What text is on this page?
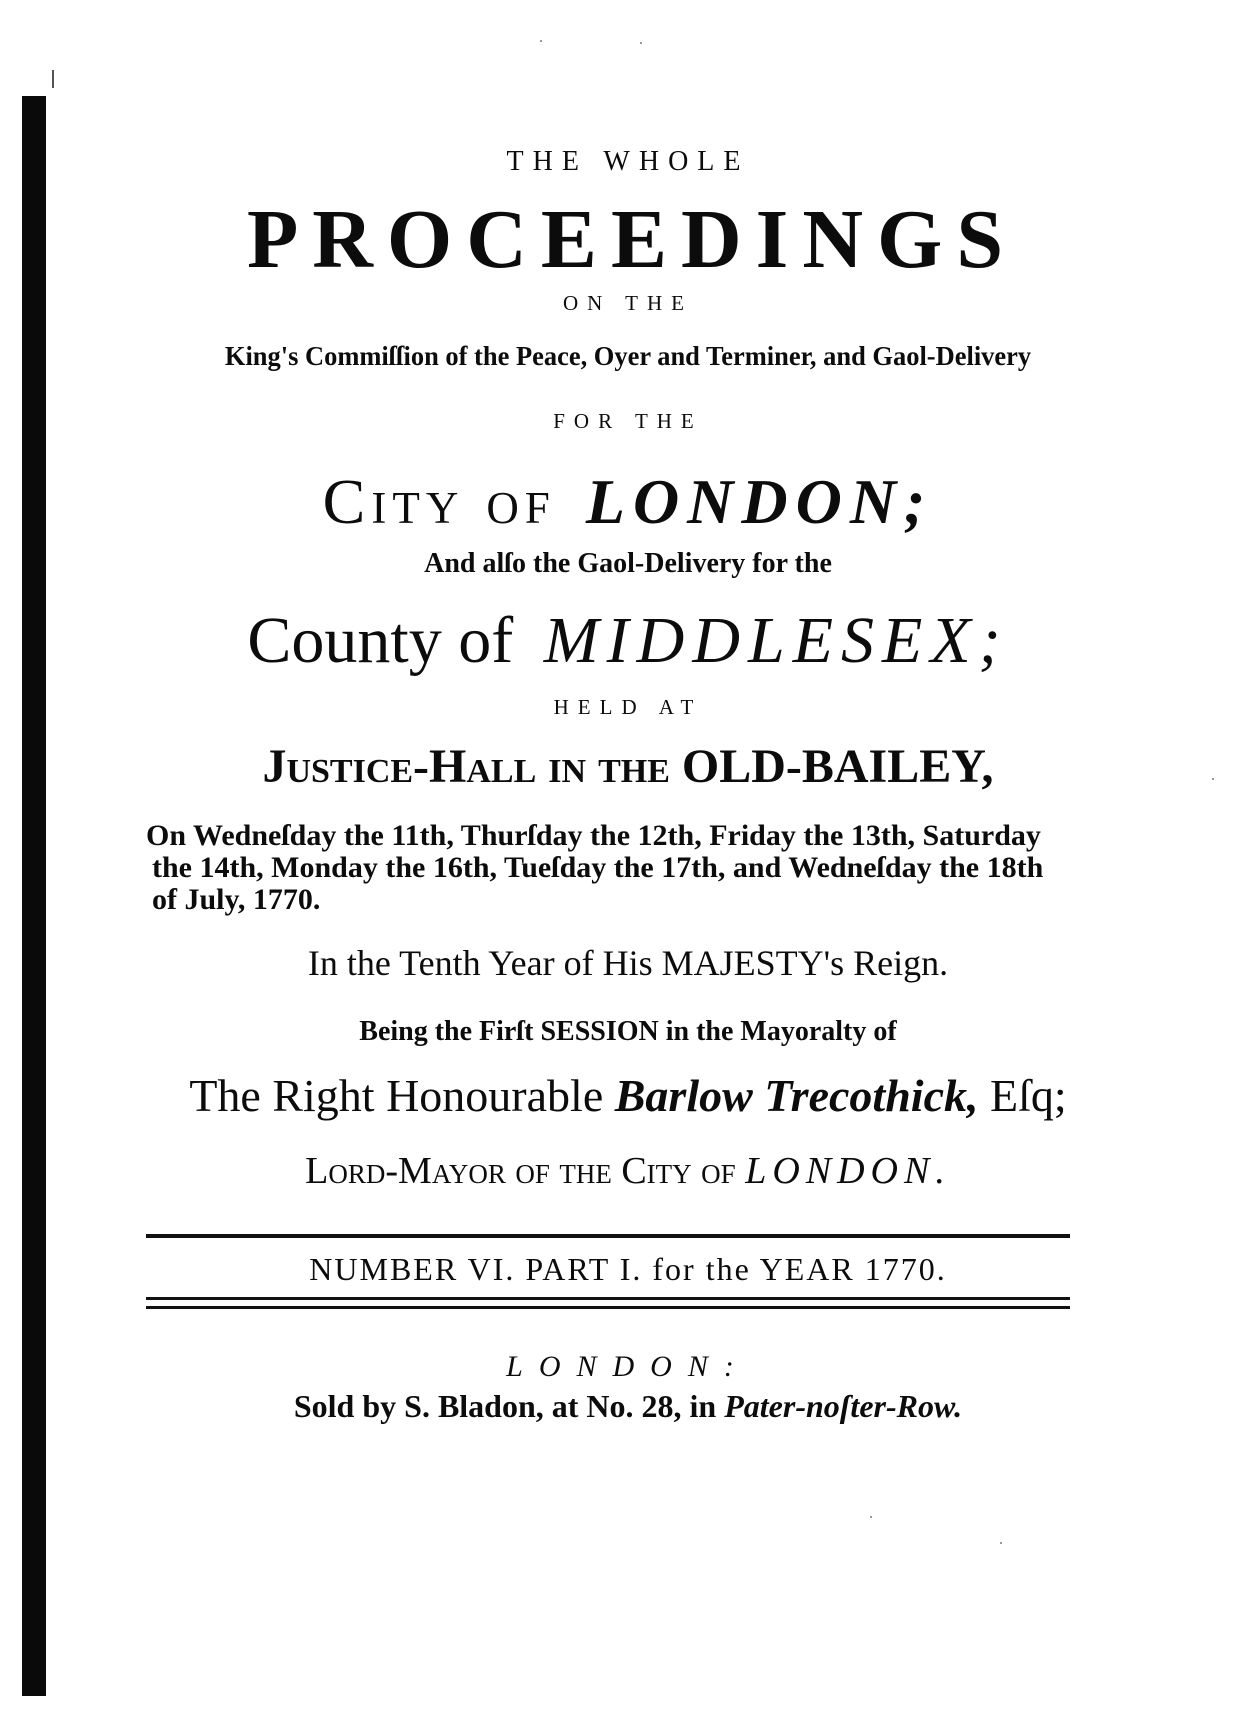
THE WHOLE
PROCEEDINGS
ON THE
King's Commiſſion of the Peace, Oyer and Terminer, and Gaol-Delivery
FOR THE
City of LONDON;
And alſo the Gaol-Delivery for the
County of MIDDLESEX;
HELD AT
Justice-Hall in the OLD-BAILEY,
On Wedneſday the 11th, Thurſday the 12th, Friday the 13th, Saturday
the 14th, Monday the 16th, Tueſday the 17th, and Wedneſday the 18th
of July, 1770.
In the Tenth Year of His MAJESTY's Reign.
Being the Firſt SESSION in the Mayoralty of
The Right Honourable Barlow Trecothick, Eſq;
Lord-Mayor of the City of LONDON.
NUMBER VI. PART I. for the YEAR 1770.
LONDON:
Sold by S. Bladon, at No. 28, in Pater-noſter-Row.
